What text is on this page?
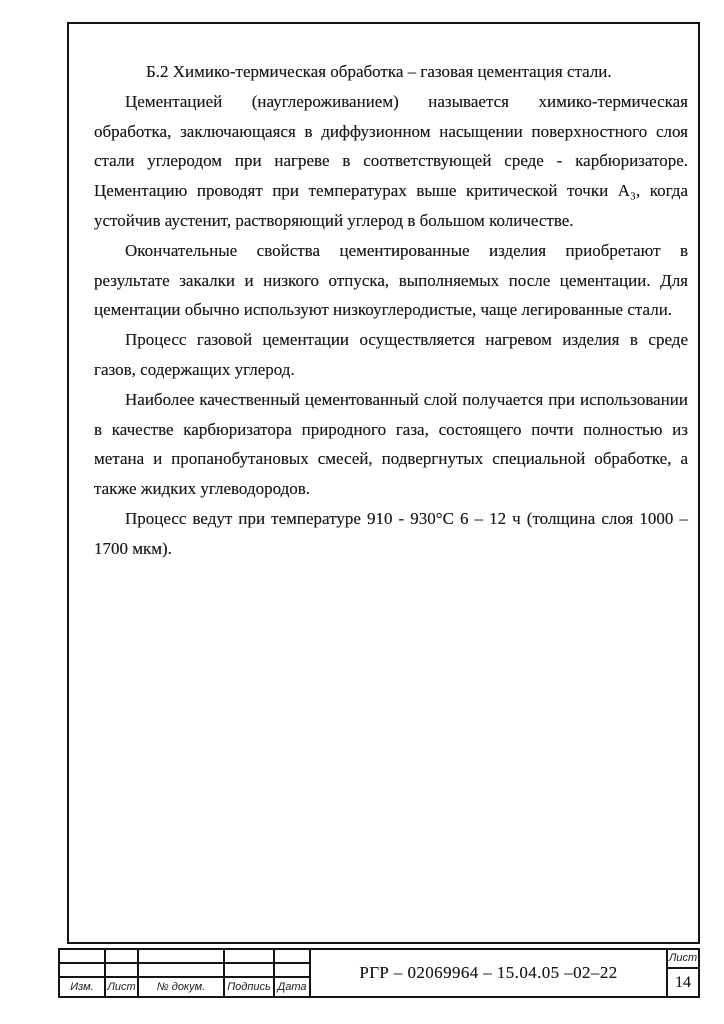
Б.2 Химико-термическая обработка – газовая цементация стали.

Цементацией (науглероживанием) называется химико-термическая обработка, заключающаяся в диффузионном насыщении поверхностного слоя стали углеродом при нагреве в соответствующей среде - карбюризаторе. Цементацию проводят при температурах выше критической точки А₃, когда устойчив аустенит, растворяющий углерод в большом количестве.

Окончательные свойства цементированные изделия приобретают в результате закалки и низкого отпуска, выполняемых после цементации. Для цементации обычно используют низкоуглеродистые, чаще легированные стали.

Процесс газовой цементации осуществляется нагревом изделия в среде газов, содержащих углерод.

Наиболее качественный цементованный слой получается при использовании в качестве карбюризатора природного газа, состоящего почти полностью из метана и пропанобутановых смесей, подвергнутых специальной обработке, а также жидких углеводородов.

Процесс ведут при температуре 910 - 930°С 6 – 12 ч (толщина слоя 1000 – 1700 мкм).

Изм.	Лист	№ докум.	Подпись Дата
РГР – 02069964 – 15.04.05 –02–22
Лист
14
